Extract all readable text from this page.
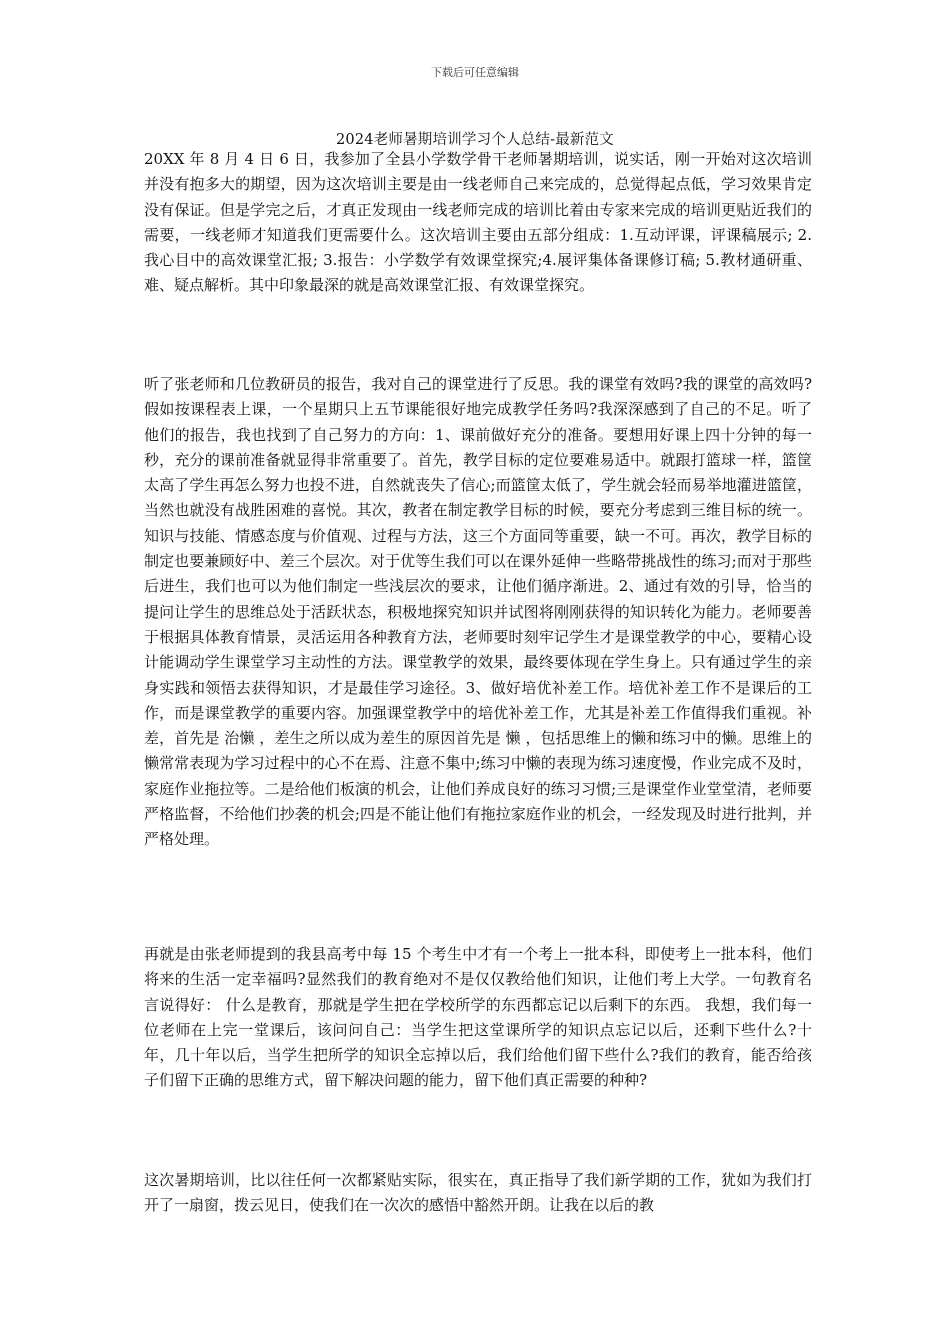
下载后可任意编辑
2024老师暑期培训学习个人总结-最新范文

20XX 年 8 月 4 日 6 日，我参加了全县小学数学骨干老师暑期培训，说实话，刚一开始对这次培训并没有抱多大的期望，因为这次培训主要是由一线老师自己来完成的，总觉得起点低，学习效果肯定没有保证。但是学完之后，才真正发现由一线老师完成的培训比着由专家来完成的培训更贴近我们的需要，一线老师才知道我们更需要什么。这次培训主要由五部分组成：1.互动评课，评课稿展示; 2.我心目中的高效课堂汇报; 3.报告：小学数学有效课堂探究;4.展评集体备课修订稿; 5.教材通研重、难、疑点解析。其中印象最深的就是高效课堂汇报、有效课堂探究。

听了张老师和几位教研员的报告，我对自己的课堂进行了反思。我的课堂有效吗?我的课堂的高效吗?假如按课程表上课，一个星期只上五节课能很好地完成教学任务吗?我深深感到了自己的不足。听了他们的报告，我也找到了自己努力的方向：1、课前做好充分的准备。要想用好课上四十分钟的每一秒，充分的课前准备就显得非常重要了。首先，教学目标的定位要难易适中。就跟打篮球一样，篮筐太高了学生再怎么努力也投不进，自然就丧失了信心;而篮筐太低了，学生就会轻而易举地灌进篮筐，当然也就没有战胜困难的喜悦。其次，教者在制定教学目标的时候，要充分考虑到三维目标的统一。知识与技能、情感态度与价值观、过程与方法，这三个方面同等重要，缺一不可。再次，教学目标的制定也要兼顾好中、差三个层次。对于优等生我们可以在课外延伸一些略带挑战性的练习;而对于那些后进生，我们也可以为他们制定一些浅层次的要求，让他们循序渐进。2、通过有效的引导，恰当的提问让学生的思维总处于活跃状态，积极地探究知识并试图将刚刚获得的知识转化为能力。老师要善于根据具体教育情景，灵活运用各种教育方法，老师要时刻牢记学生才是课堂教学的中心，要精心设计能调动学生课堂学习主动性的方法。课堂教学的效果，最终要体现在学生身上。只有通过学生的亲身实践和领悟去获得知识，才是最佳学习途径。3、做好培优补差工作。培优补差工作不是课后的工作，而是课堂教学的重要内容。加强课堂教学中的培优补差工作，尤其是补差工作值得我们重视。补差，首先是 治懒 ，差生之所以成为差生的原因首先是 懒 ，包括思维上的懒和练习中的懒。思维上的懒常常表现为学习过程中的心不在焉、注意不集中;练习中懒的表现为练习速度慢，作业完成不及时，家庭作业拖拉等。二是给他们板演的机会，让他们养成良好的练习习惯;三是课堂作业堂堂清，老师要严格监督，不给他们抄袭的机会;四是不能让他们有拖拉家庭作业的机会，一经发现及时进行批判，并严格处理。

再就是由张老师提到的我县高考中每 15 个考生中才有一个考上一批本科，即使考上一批本科，他们将来的生活一定幸福吗?显然我们的教育绝对不是仅仅教给他们知识，让他们考上大学。一句教育名言说得好： 什么是教育，那就是学生把在学校所学的东西都忘记以后剩下的东西。 我想，我们每一位老师在上完一堂课后，该问问自己：当学生把这堂课所学的知识点忘记以后，还剩下些什么?十年，几十年以后，当学生把所学的知识全忘掉以后，我们给他们留下些什么?我们的教育，能否给孩子们留下正确的思维方式，留下解决问题的能力，留下他们真正需要的种种?

这次暑期培训，比以往任何一次都紧贴实际，很实在，真正指导了我们新学期的工作，犹如为我们打开了一扇窗，拨云见日，使我们在一次次的感悟中豁然开朗。让我在以后的教
